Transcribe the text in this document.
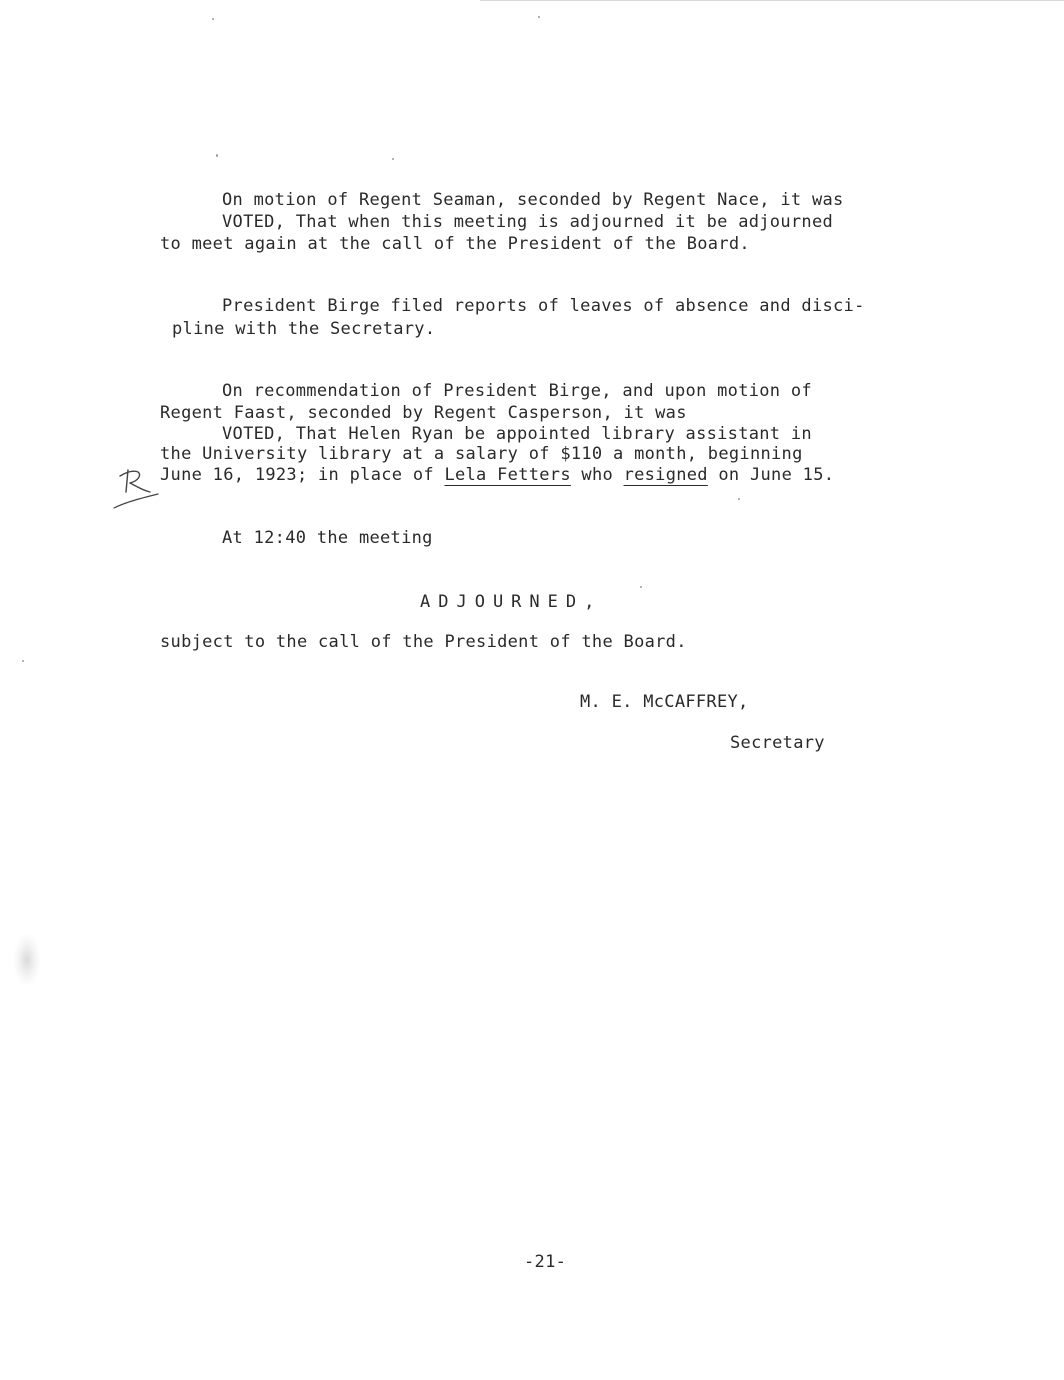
On motion of Regent Seaman, seconded by Regent Nace, it was
VOTED, That when this meeting is adjourned it be adjourned
to meet again at the call of the President of the Board.
President Birge filed reports of leaves of absence and disci-
pline with the Secretary.
On recommendation of President Birge, and upon motion of
Regent Faast, seconded by Regent Casperson, it was
VOTED, That Helen Ryan be appointed library assistant in
the University library at a salary of $110 a month, beginning
June 16, 1923; in place of Lela Fetters who resigned on June 15.
At 12:40 the meeting
ADJOURNED,
subject to the call of the President of the Board.
M. E. McCAFFREY,
Secretary
-21-
